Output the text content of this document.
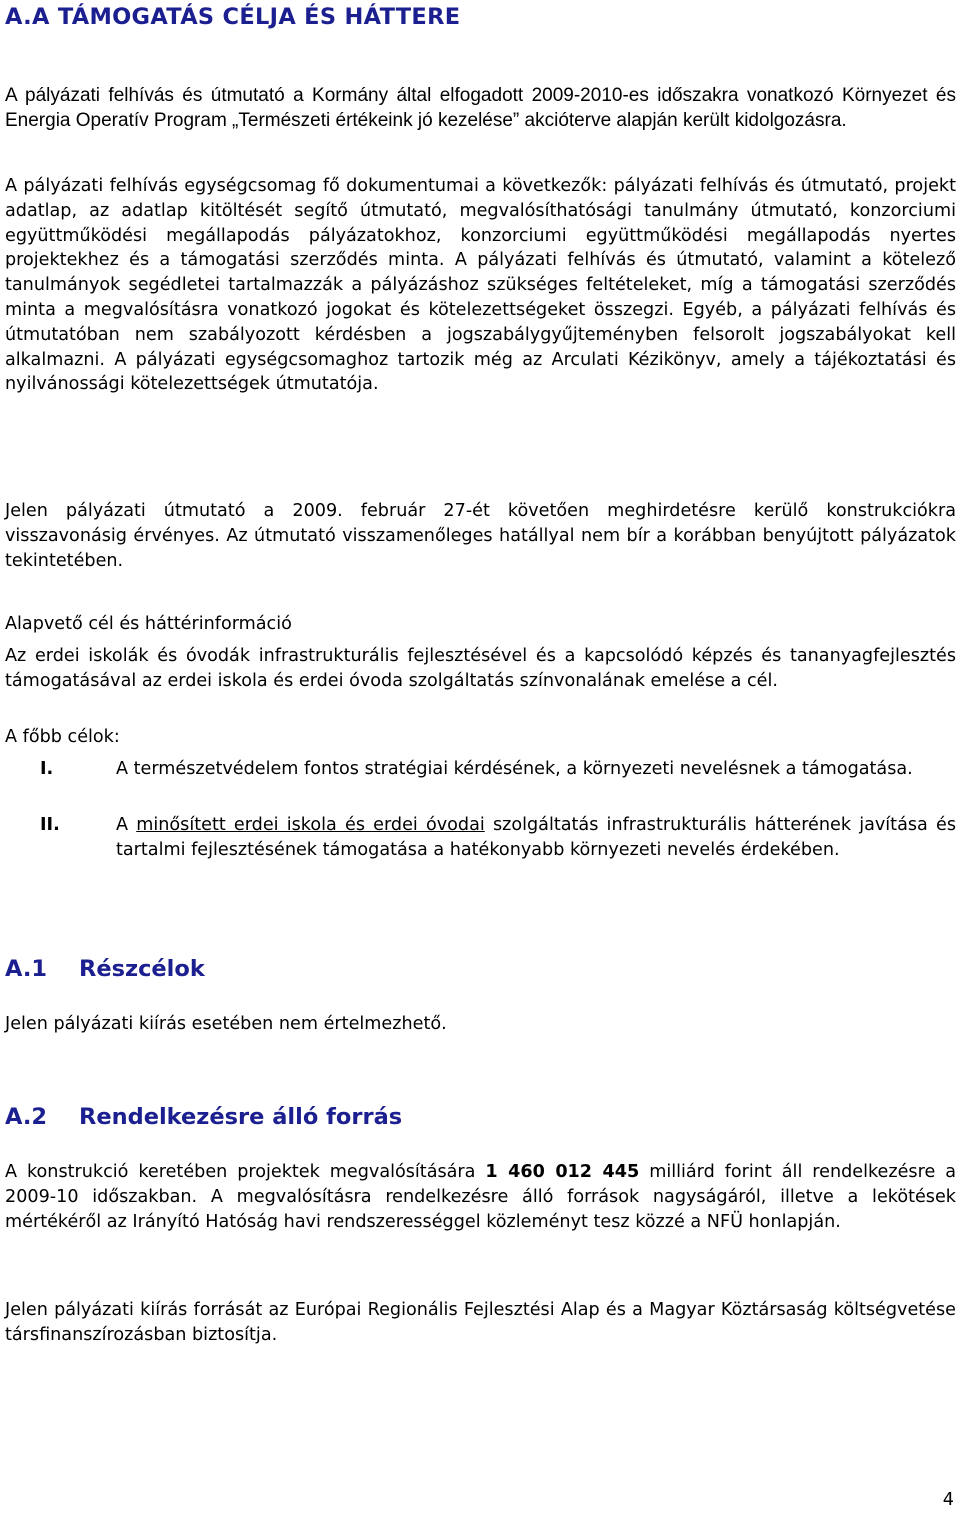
A.A TÁMOGATÁS CÉLJA ÉS HÁTTERE

A pályázati felhívás és útmutató a Kormány által elfogadott 2009-2010-es időszakra vonatkozó Környezet és Energia Operatív Program „Természeti értékeink jó kezelése” akcióterve alapján került kidolgozásra.

A pályázati felhívás egységcsomag fő dokumentumai a következők: pályázati felhívás és útmutató, projekt adatlap, az adatlap kitöltését segítő útmutató, megvalósíthatósági tanulmány útmutató, konzorciumi együttműködési megállapodás pályázatokhoz, konzorciumi együttműködési megállapodás nyertes projektekhez és a támogatási szerződés minta. A pályázati felhívás és útmutató, valamint a kötelező tanulmányok segédletei tartalmazzák a pályázáshoz szükséges feltételeket, míg a támogatási szerződés minta a megvalósításra vonatkozó jogokat és kötelezettségeket összegzi. Egyéb, a pályázati felhívás és útmutatóban nem szabályozott kérdésben a jogszabálygyűjteményben felsorolt jogszabályokat kell alkalmazni. A pályázati egységcsomaghoz tartozik még az Arculati Kézikönyv, amely a tájékoztatási és nyilvánossági kötelezettségek útmutatója.

Jelen pályázati útmutató a 2009. február 27-ét követően meghirdetésre kerülő konstrukciókra visszavonásig érvényes. Az útmutató visszamenőleges hatállyal nem bír a korábban benyújtott pályázatok tekintetében.

Alapvető cél és háttérinformáció

Az erdei iskolák és óvodák infrastrukturális fejlesztésével és a kapcsolódó képzés és tananyagfejlesztés támogatásával az erdei iskola és erdei óvoda szolgáltatás színvonalának emelése a cél.

A főbb célok:

I.	A természetvédelem fontos stratégiai kérdésének, a környezeti nevelésnek a támogatása.

II.	A minősített erdei iskola és erdei óvodai szolgáltatás infrastrukturális hátterének javítása és tartalmi fejlesztésének támogatása a hatékonyabb környezeti nevelés érdekében.

A.1 Részcélok

Jelen pályázati kiírás esetében nem értelmezhető.

A.2 Rendelkezésre álló forrás

A konstrukció keretében projektek megvalósítására 1 460 012 445 milliárd forint áll rendelkezésre a 2009-10 időszakban. A megvalósításra rendelkezésre álló források nagyságáról, illetve a lekötések mértékéről az Irányító Hatóság havi rendszerességgel közleményt tesz közzé a NFÜ honlapján.

Jelen pályázati kiírás forrását az Európai Regionális Fejlesztési Alap és a Magyar Köztársaság költségvetése társfinanszírozásban biztosítja.

4
